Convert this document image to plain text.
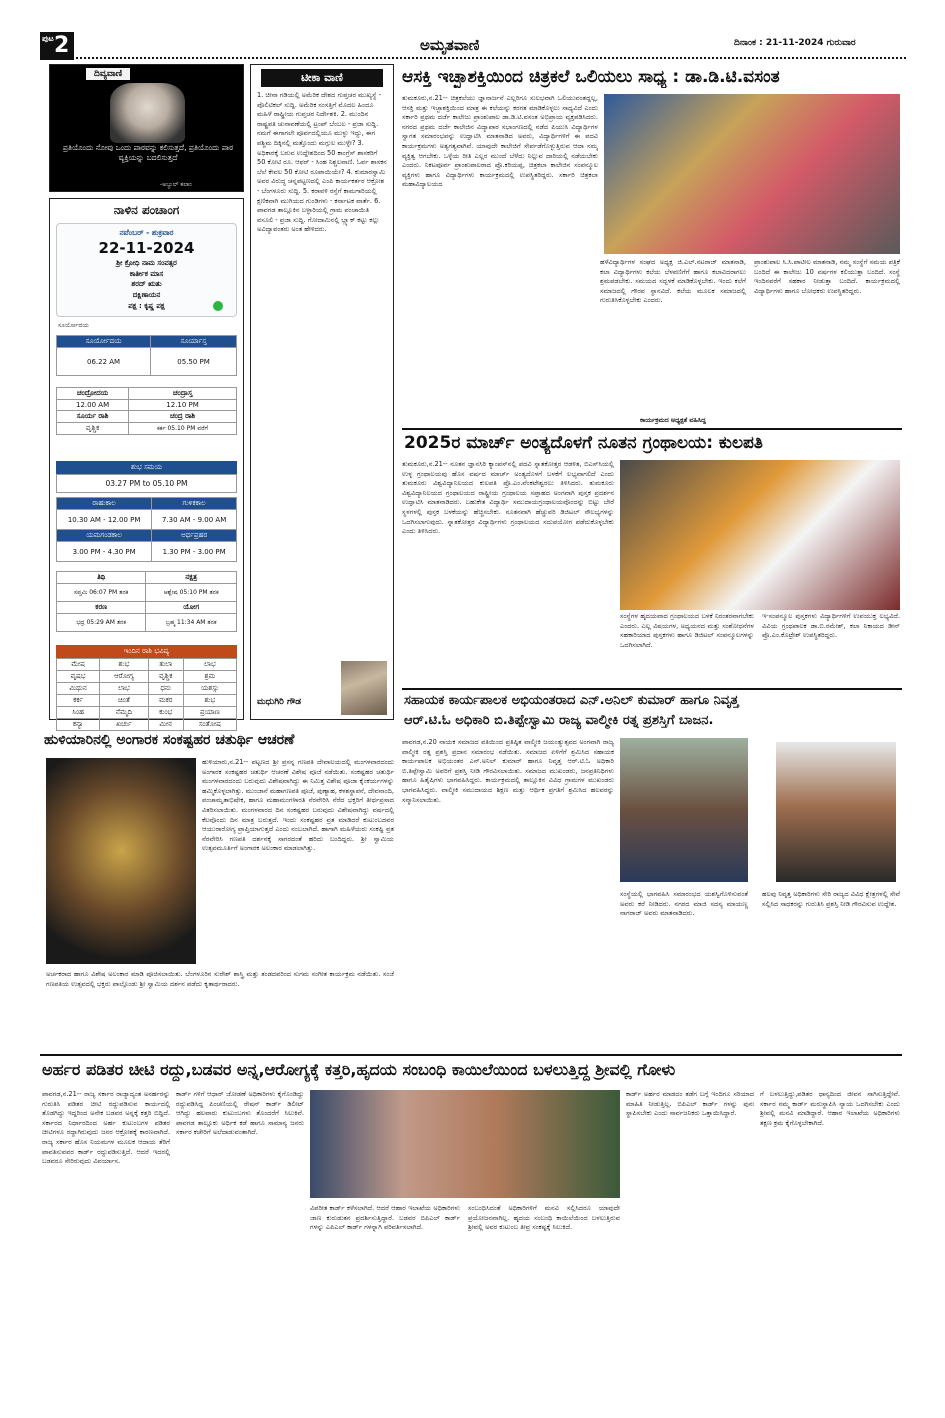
ಪುಟ 2	ಅಮೃತವಾಣಿ	ದಿನಾಂಕ : 21-11-2024 ಗುರುವಾರ
ದಿವ್ಯವಾಣಿ
ಪ್ರತಿಯೊಂದು ನೋವು ಒಂದು ಪಾಠವನ್ನು ಕಲಿಸುತ್ತದೆ, ಪ್ರತಿಯೊಂದು ಪಾಠ ವ್ಯಕ್ತಿಯನ್ನು ಬದಲಿಸುತ್ತದೆ
-ಅಬ್ದುಲ್ ಕಲಾಂ
ನಾಳಿನ ಪಂಚಾಂಗ
ನವೆಂಬರ್ - ಶುಕ್ರವಾರ
22-11-2024
ಶ್ರೀ ಕ್ರೋಧಿ ನಾಮ ಸಂವತ್ಸರ
ಕಾರ್ತೀಕ ಮಾಸ
ಶರದ್ ಋತು
ದಕ್ಷಿಣಾಯನ
ಪಕ್ಷ : ಕೃಷ್ಣ ಪಕ್ಷ
ಸೂರ್ಯೋದಯ
ಸೂರ್ಯೋದಯ	ಸೂರ್ಯಾಸ್ತ
06.22 AM	05.50 PM
ಚಂದ್ರೋದಯ	ಚಂದ್ರಾಸ್ತ
12.00 AM	12.10 PM
ಸೂರ್ಯ ರಾಶಿ	ಚಂದ್ರ ರಾಶಿ
ವೃಶ್ಚಿಕ	ಕರ್ಕ 05.10 PM ವರೆಗೆ
ಶುಭ ಸಮಯ
03.27 PM to 05.10 PM
ರಾಹುಕಾಲ	ಗುಳಿಕಕಾಲ
10.30 AM - 12.00 PM	7.30 AM - 9.00 AM
ಯಮಗಂಡಕಾಲ	ಅರ್ಧಪ್ರಹರ
3.00 PM - 4.30 PM	1.30 PM - 3.00 PM
ತಿಥಿ	ನಕ್ಷತ್ರ
ಸಪ್ತಮಿ 06:07 PM ತನಕ	ಆಶ್ಲೇಷ 05:10 PM ತನಕ
ಕರಣ	ಯೋಗ
ಭದ್ರ 05:29 AM ತನಕ	ಬ್ರಹ್ಮ 11:34 AM ತನಕ
ಇಂದಿನ ರಾಶಿ ಭವಿಷ್ಯ
ಮೇಷ	ಶುಭ	ತುಲಾ	ಲಾಭ
ವೃಷಭ	ಆರೋಗ್ಯ	ವೃಶ್ಚಿಕ	ಶ್ರಮ
ಮಿಥುನ	ಲಾಭ	ಧನು	ಯಶಸ್ಸು
ಕರ್ಕ	ಚಿಂತೆ	ಮಕರ	ಶುಭ
ಸಿಂಹ	ನೆಮ್ಮದಿ	ಕುಂಭ	ಪ್ರಯಾಣ
ಕನ್ಯಾ	ಖರ್ಚು	ಮೀನ	ಸಂತೋಷ
ಟೀಕಾ ವಾಣಿ
1. ಚೀನಾ ಗಡಿಯಲ್ಲಿ ಅಮೆರಿಕ ದೇಶದ ಗುಪ್ತಚರ ಮುಖ್ಯಸ್ಥೆ - ಪೊಲಿಟಿಕಲ್ ಸುದ್ದಿ. ಅಮೆರಿಕ ಸಂಸತ್ತಿಗೆ ಮೊದಲ ಹಿಂದೂ ಮಹಿಳೆ ರಾಷ್ಟ್ರೀಯ ಗುಪ್ತಚರ ನಿರ್ದೇಶಕಿ. 2. ಮುಂದಿನ ರಾಷ್ಟ್ರಪತಿ ಚುನಾವಣೆಯಲ್ಲಿ ಟ್ರಂಪ್ ಬೆಂಬಲ - ಪ್ರಜಾ ಸುದ್ದಿ. ನಮಗೆ ಈಗಾಗಲೇ ಪೂರ್ವದಲ್ಲಿಯೂ ಮುಳ್ಳು ಇದ್ದು, ಈಗ ಪಶ್ಚಿಮ ದಿಕ್ಕಿನಲ್ಲಿ ಮತ್ತೊಂದು ಮಗ್ಗುಲ ಮುಳ್ಳೇ? 3. ಅಧಿಕಾರಕ್ಕೆ ಬರುವ ಉದ್ದೇಶದಿಂದ 50 ಕಾಂಗ್ರೆಸ್ ಶಾಸಕರಿಗೆ 50 ಕೋಟಿ ರೂ. ಆಫರ್ - ಸಿಂಹ ನಿಶ್ಚಲವಾಣಿ. ಓರ್ವ ಶಾಸಕನ ಬೆಲೆ ಕೇವಲ 50 ಕೋಟಿ ರೂಪಾಯಿಯೇ? 4. ಕುಮಾರಸ್ವಾಮಿ ಅವರ ವಿರುದ್ಧ ಚನ್ನಪಟ್ಟಣದಲ್ಲಿ ಎಂಪಿ ಕಾರ್ಯಕರ್ತರ ಆಕ್ರೋಶ - ಬೆಂಗಳೂರು ಸುದ್ದಿ. 5. ಕರಾವಳಿ ರಸ್ತೆಗೆ ಕಾಮಗಾರಿಯಲ್ಲಿ ಕ್ಷಣಿಕವಾಗಿ ಮುಗಿಯದ ಗುಂಡಿಗಳು - ಕರ್ನಾಟಕ ವಾರ್ತೆ. 6. ಪಾವಗಡ ತಾಲ್ಲೂಕಿನ ಬಳ್ಳಾರಿಯಲ್ಲಿ ಗ್ರಾಮ ಪಂಚಾಯಿತಿ ವಸೂಲಿ - ಪ್ರಜಾ ಸುದ್ದಿ. ಗೋದಾಮಿನಲ್ಲಿ ಬ್ಲ್ಯಾಕ್ ಕಟ್ಟು ಕಲ್ಲು ಅವಿದ್ಯಾವಂತರು ಅಂತ ಹೇಳಿದರು.
ಮಧುಗಿರಿ ಗೌಡ
ಆಸಕ್ತಿ ಇಚ್ಛಾಶಕ್ತಿಯಿಂದ ಚಿತ್ರಕಲೆ ಒಲಿಯಲು ಸಾಧ್ಯ : ಡಾ.ಡಿ.ಟಿ.ವಸಂತ
ತುಮಕೂರು,ನ.21-- ಚಿತ್ರಕಲೆಯು ಜ್ಞಾನಾರ್ಜನೆ ಎಲ್ಲರಿಗೂ ಸುಲಭವಾಗಿ ಒಲಿಯುವಂತದ್ದಲ್ಲ, ಆಸಕ್ತಿ ಮತ್ತು ಇಚ್ಛಾಶಕ್ತಿಯಿಂದ ಮಾತ್ರ ಈ ಕಲೆಯನ್ನು ಕರಗತ ಮಾಡಿಕೊಳ್ಳಲು ಸಾಧ್ಯವಿದೆ ಎಂದು ಸರ್ಕಾರಿ ಪ್ರಥಮ ದರ್ಜೆ ಕಾಲೇಜು ಪ್ರಾಂಶುಪಾಲ ಡಾ.ಡಿ.ಟಿ.ವಸಂತ ಅಭಿಪ್ರಾಯ ವ್ಯಕ್ತಪಡಿಸಿದರು. ನಗರದ ಪ್ರಥಮ ದರ್ಜೆ ಕಾಲೇಜಿನ ವಿದ್ಯಾಪಾಠ ಸಭಾಂಗಣದಲ್ಲಿ ನಡೆದ ಪಿಯುಸಿ ವಿದ್ಯಾರ್ಥಿಗಳ ಸ್ವಾಗತ ಸಮಾರಂಭವನ್ನು ಉದ್ಘಾಟಿಸಿ ಮಾತನಾಡಿದ ಅವರು, ವಿದ್ಯಾರ್ಥಿಗಳಿಗೆ ಈ ಪದವಿ ಕಾರ್ಯಕ್ರಮಗಳು ಅತ್ಯಗತ್ಯವಾಗಿವೆ. ಯಾವುದೇ ಕಾಲೇಜಿಗೆ ಸೇರ್ಪಡೆಗೊಳ್ಳುತ್ತಿರುವ ಆದಾ ನಮ್ಮ ವ್ಯಕ್ತಿತ್ವ ಆಗಬೇಕು. ಒಳ್ಳೆಯ ರೀತಿ ಎಲ್ಲರ ಮುಂದೆ ಬೆಳೆದು ನಿಲ್ಲುವ ದಾರಿಯಲ್ಲಿ ನಡೆಯಬೇಕು ಎಂದರು. ನಿಕಟಪೂರ್ವ ಪ್ರಾಂಶುಪಾಲರಾದ ಪ್ರೊ.ಕರಿಯಪ್ಪ, ಚಿತ್ರಕಲಾ ಕಾಲೇಜಿನ ಸಂಪನ್ಮೂಲ ವ್ಯಕ್ತಿಗಳು ಹಾಗೂ ವಿದ್ಯಾರ್ಥಿಗಳು ಕಾರ್ಯಕ್ರಮದಲ್ಲಿ ಉಪಸ್ಥಿತರಿದ್ದರು. ಸರ್ಕಾರಿ ಚಿತ್ರಕಲಾ ಮಹಾವಿದ್ಯಾಲಯದ
ಹಳೆವಿದ್ಯಾರ್ಥಿಗಳ ಸಂಘದ ಅಧ್ಯಕ್ಷ ಜಿ.ಎಲ್.ನಟರಾಜ್ ಮಾತನಾಡಿ, ಕಲಾ ವಿದ್ಯಾರ್ಥಿಗಳು ಕಲೆಯ ಬೆಳವಣಿಗೆಗೆ ಹಾಗೂ ಕಲಾವಿದರಾಗಲು ಶ್ರಮಪಡಬೇಕು. ಸಮಯದ ಸದ್ಬಳಕೆ ಮಾಡಿಕೊಳ್ಳಬೇಕು. ಇಂದು ಕಲೆಗೆ ಸಮಾಜದಲ್ಲಿ ಗೌರವ ಸ್ಥಾನವಿದೆ. ಕಲೆಯ ಮೂಲಕ ಸಮಾಜದಲ್ಲಿ ಗುರುತಿಸಿಕೊಳ್ಳಬೇಕು ಎಂದರು.
ಪ್ರಾಂಶುಪಾಲ ಸಿ.ಸಿ.ಪಾಟೀಲ ಮಾತನಾಡಿ, ನಮ್ಮ ಸಂಸ್ಥೆಗೆ ಸಮಯ ಪತ್ರಿಕೆ ಬಂದಿದೆ ಈ ಕಾಲೇಜು 10 ವರ್ಷಗಳ ಕಲಿಯುತ್ತಾ ಬಂದಿದೆ. ಸಂಸ್ಥೆ ಇಂದಿನವರೆಗೆ ಸಹಕಾರ ನೀಡುತ್ತಾ ಬಂದಿದೆ. ಕಾರ್ಯಕ್ರಮದಲ್ಲಿ ವಿದ್ಯಾರ್ಥಿಗಳು ಹಾಗೂ ಬೋಧಕರು ಉಪಸ್ಥಿತರಿದ್ದರು.
ಕಾರ್ಯಕ್ರಮದ ಅಧ್ಯಕ್ಷತೆ ವಹಿಸಿದ್ದ
2025ರ ಮಾರ್ಚ್ ಅಂತ್ಯದೊಳಗೆ ನೂತನ ಗ್ರಂಥಾಲಯ: ಕುಲಪತಿ
ತುಮಕೂರು,ನ.21-- ನೂತನ ಜ್ಞಾನಸಿರಿ ಕ್ಯಾಂಪಸ್‌ನಲ್ಲಿ ಪದವಿ ಸ್ನಾತಕೋತ್ತರ ಆಡಳಿತ, ಬಿಎಸ್‌ಸಿಯಲ್ಲಿ ಉಳ್ಳ ಗ್ರಂಥಾಲಯವು ಹೊಸ ವರ್ಷದ ಮಾರ್ಚ್ ಅಂತ್ಯದೊಳಗೆ ಬಳಕೆಗೆ ಲಭ್ಯವಾಗಲಿದೆ ಎಂದು ತುಮಕೂರು ವಿಶ್ವವಿದ್ಯಾನಿಲಯದ ಕುಲಪತಿ ಪ್ರೊ.ಎಂ.ವೆಂಕಟೇಶ್ವರಲು ತಿಳಿಸಿದರು. ತುಮಕೂರು ವಿಶ್ವವಿದ್ಯಾನಿಲಯದ ಗ್ರಂಥಾಲಯದ ರಾಷ್ಟ್ರೀಯ ಗ್ರಂಥಾಲಯ ಸಪ್ತಾಹದ ಅಂಗವಾಗಿ ಪುಸ್ತಕ ಪ್ರದರ್ಶನ ಉದ್ಘಾಟಿಸಿ ಮಾತನಾಡಿದರು. ಬಹುಕೇತ ವಿದ್ಯಾರ್ಥಿ ಸಮುದಾಯಗ್ರಂಥಾಲಯವೊಂದನ್ನು ಬಿಟ್ಟು ಬೇರೆ ಸ್ಥಳಗಳಲ್ಲಿ ಪುಸ್ತಕ ಬಳಕೆಯನ್ನು ಹೆಚ್ಚಿಸಬೇಕು. ನೂತನವಾಗಿ ಹೆಚ್ಚುವರಿ ಡಿಜಿಟಲ್ ಸೌಲಭ್ಯಗಳನ್ನು ಒದಗಿಸಲಾಗುವುದು. ಸ್ನಾತಕೋತ್ತರ ವಿದ್ಯಾರ್ಥಿಗಳು ಗ್ರಂಥಾಲಯದ ಸದುಪಯೋಗ ಪಡೆದುಕೊಳ್ಳಬೇಕು ಎಂದು ತಿಳಿಸಿದರು.
ಸಂಸ್ಥೆಗಳ ಹೃದಯವಾದ ಗ್ರಂಥಾಲಯದ ಬಳಕೆ ನಿರಂತರವಾಗಬೇಕು ಎಂದರು. ಎಲ್ಲ ವಿಷಯಗಳ, ಅಧ್ಯಯನದ ಮತ್ತು ಸಂಶೋಧನೆಗಳ ಸಹಕಾರಿಯಾದ ಪುಸ್ತಕಗಳು ಹಾಗೂ ಡಿಜಿಟಲ್ ಸಂಪನ್ಮೂಲಗಳನ್ನು ಒದಗಿಸಲಾಗಿದೆ.
ಇ-ಸಂಪನ್ಮೂಲ ಪುಸ್ತಕಗಳು ವಿದ್ಯಾರ್ಥಿಗಳಿಗೆ ಉಪಯುಕ್ತ ಲಭ್ಯವಿದೆ. ವಿವಿಯ ಗ್ರಂಥಪಾಲಕ ಡಾ.ಬಿ.ರಮೇಶ್, ಕಲಾ ನಿಕಾಯದ ಡೀನ್ ಪ್ರೊ.ಎಂ.ಕೊಟ್ರೇಶ್ ಉಪಸ್ಥಿತರಿದ್ದರು.
ಸಹಾಯಕ ಕಾರ್ಯಪಾಲಕ ಅಭಿಯಂತರಾದ ಎನ್.ಅನಿಲ್ ಕುಮಾರ್ ಹಾಗೂ ನಿವೃತ್ತ
ಆರ್.ಟಿ.ಓ ಅಧಿಕಾರಿ ಬಿ.ತಿಪ್ಪೇಸ್ವಾಮಿ ರಾಜ್ಯ ವಾಲ್ಮೀಕಿ ರತ್ನ ಪ್ರಶಸ್ತಿಗೆ ಬಾಜನ.
ಪಾವಗಡ,ನ.20 ನಾಯಕ ಸಮಾಜದ ವತಿಯಿಂದ ಪ್ರತಿಷ್ಠಿತ ವಾಲ್ಮೀಕಿ ಜಯಂತ್ಯುತ್ಸವದ ಅಂಗವಾಗಿ ರಾಜ್ಯ ವಾಲ್ಮೀಕಿ ರತ್ನ ಪ್ರಶಸ್ತಿ ಪ್ರದಾನ ಸಮಾರಂಭ ನಡೆಯಿತು. ಸಮಾಜದ ಏಳಿಗೆಗೆ ಶ್ರಮಿಸಿದ ಸಹಾಯಕ ಕಾರ್ಯಪಾಲಕ ಅಭಿಯಂತರ ಎನ್.ಅನಿಲ್ ಕುಮಾರ್ ಹಾಗೂ ನಿವೃತ್ತ ಆರ್.ಟಿ.ಓ ಅಧಿಕಾರಿ ಬಿ.ತಿಪ್ಪೇಸ್ವಾಮಿ ಅವರಿಗೆ ಪ್ರಶಸ್ತಿ ನೀಡಿ ಗೌರವಿಸಲಾಯಿತು. ಸಮಾಜದ ಮುಖಂಡರು, ಜನಪ್ರತಿನಿಧಿಗಳು ಹಾಗೂ ಹಿತೈಷಿಗಳು ಭಾಗವಹಿಸಿದ್ದರು. ಕಾರ್ಯಕ್ರಮದಲ್ಲಿ ತಾಲ್ಲೂಕಿನ ವಿವಿಧ ಗ್ರಾಮಗಳ ಮುಖಂಡರು ಭಾಗವಹಿಸಿದ್ದರು. ವಾಲ್ಮೀಕಿ ಸಮುದಾಯದ ಶಿಕ್ಷಣ ಮತ್ತು ಆರ್ಥಿಕ ಪ್ರಗತಿಗೆ ಶ್ರಮಿಸಿದ ಹಲವರನ್ನು ಸನ್ಮಾನಿಸಲಾಯಿತು.
ಸಂಸ್ಥೆಯಲ್ಲಿ ಭಾಗವಹಿಸಿ ಸಮಾರಂಭದ ಯಶಸ್ವಿಗೊಳಿಸುವಂತೆ ಅವರು ಕರೆ ನೀಡಿದರು. ನಗರದ ಮಾಜಿ ಸದಸ್ಯ ಮಾಯಣ್ಣ ನಾಗರಾಜ್ ಅವರು ಮಾತನಾಡಿದರು.
ಹಲವು ನಿವೃತ್ತ ಅಧಿಕಾರಿಗಳು ಸೇರಿ ರಾಜ್ಯದ ವಿವಿಧ ಕ್ಷೇತ್ರಗಳಲ್ಲಿ ಸೇವೆ ಸಲ್ಲಿಸಿದ ಸಾಧಕರನ್ನು ಗುರುತಿಸಿ ಪ್ರಶಸ್ತಿ ನೀಡಿ ಗೌರವಿಸುವ ಉದ್ದೇಶ.
ಹುಳಿಯಾರಿನಲ್ಲಿ ಅಂಗಾರಕ ಸಂಕಷ್ಟಹರ ಚತುರ್ಥಿ ಆಚರಣೆ
ಹುಳಿಯಾರು,ನ.21-- ಪಟ್ಟಣದ ಶ್ರೀ ಪ್ರಸನ್ನ ಗಣಪತಿ ದೇವಾಲಯದಲ್ಲಿ ಮಂಗಳವಾರದಂದು ಅಂಗಾರಕ ಸಂಕಷ್ಟಹರ ಚತುರ್ಥಿ ಆಚರಣೆ ವಿಶೇಷ ಪೂಜೆ ನಡೆಯಿತು. ಸಂಕಷ್ಟಹರ ಚತುರ್ಥಿ ಮಂಗಳವಾರದಂದು ಬರುವುದು ವಿಶೇಷವಾಗಿದ್ದು ಈ ನಿಮಿತ್ತ ವಿಶೇಷ ಪೂಜಾ ಕೈಂಕರ್ಯಗಳನ್ನು ಹಮ್ಮಿಕೊಳ್ಳಲಾಗಿತ್ತು. ಮುಂಜಾನೆ ಮಹಾಗಣಪತಿ ಪೂಜೆ, ಪುಣ್ಯಾಹ, ಕಳಶಸ್ಥಾಪನೆ, ದೇವನಾಂದಿ, ಪಂಚಾಮೃತಾಭಿಷೇಕ, ಹಾಗೂ ಮಹಾಮಂಗಳಾರತಿ ನೆರವೇರಿಸಿ ನೆರೆದ ಭಕ್ತರಿಗೆ ತೀರ್ಥಪ್ರಸಾದ ವಿತರಿಸಲಾಯಿತು. ಮಂಗಳವಾರದ ದಿನ ಸಂಕಷ್ಟಹರ ಬರುವುದು ವಿಶೇಷವಾಗಿದ್ದು ವರ್ಷದಲ್ಲಿ ಕೆಲವೊಂದು ದಿನ ಮಾತ್ರ ಬರುತ್ತದೆ. ಇಂದು ಸಂಕಷ್ಟಹರ ವ್ರತ ಮಾಡಿದರೆ ಕುಟುಂಬದವರ ಆಯುರಾರೋಗ್ಯ ಪ್ರಾಪ್ತಿಯಾಗುತ್ತದೆ ಎಂದು ನಂಬಲಾಗಿದೆ. ಹಾಗಾಗಿ ಮಹಿಳೆಯರು ಸಂಕಷ್ಟಿ ವ್ರತ ನೆರವೇರಿಸಿ ಗಣಪತಿ ದರ್ಶನಕ್ಕೆ ಸಾಗರದಂತೆ ಹರಿದು ಬಂದಿದ್ದರು. ಶ್ರೀ ಸ್ವಾಮಿಯ ಉತ್ಸವಮೂರ್ತಿಗೆ ಅಂಗಾರಕ ಅಲಂಕಾರ ಮಾಡಲಾಗಿತ್ತು.
ಅರ್ಚಕರಾದ ಹಾಗೂ ವಿಶೇಷ ಅಲಂಕಾರ ಮಾಡಿ ಪೂಜಿಸಲಾಯಿತು. ಬೆಂಗಳೂರಿನ ಸುರೇಶ್ ಶಾಸ್ತ್ರಿ ಮತ್ತು ತಂಡದವರಿಂದ ಸುಗಮ ಸಂಗೀತ ಕಾರ್ಯಕ್ರಮ ನಡೆಯಿತು. ಸಂಜೆ ಗಣಪತಿಯ ಉತ್ಸವದಲ್ಲಿ ಭಕ್ತರು ಪಾಲ್ಗೊಂಡು ಶ್ರೀ ಸ್ವಾಮಿಯ ದರ್ಶನ ಪಡೆದು ಕೃತಾರ್ಥರಾದರು.
ಅರ್ಹರ ಪಡಿತರ ಚೀಟಿ ರದ್ದು,ಬಡವರ ಅನ್ನ,ಆರೋಗ್ಯಕ್ಕೆ ಕತ್ತರಿ,ಹೃದಯ ಸಂಬಂಧಿ ಕಾಯಿಲೆಯಿಂದ ಬಳಲುತ್ತಿದ್ದ ಶ್ರೀವಲ್ಲಿ ಗೋಳು
ಪಾವಗಡ,ನ.21-- ರಾಜ್ಯ ಸರ್ಕಾರ ರಾಜ್ಯಾದ್ಯಂತ ಅನರ್ಹರನ್ನು ಗುರುತಿಸಿ ಪಡಿತರ ಚೀಟಿ ರದ್ದುಪಡಿಸುವ ಕಾರ್ಯದಲ್ಲಿ ತೊಡಗಿದ್ದು ಇದ್ದರಿಂದ ಅನೇಕ ಬಡವರ ಅನ್ನಕ್ಕೆ ಕತ್ತರಿ ಬಿದ್ದಿದೆ. ಸರ್ಕಾರದ ನಿರ್ಧಾರದಿಂದ ಅರ್ಹ ಕುಟುಂಬಗಳ ಪಡಿತರ ಚೀಟಿಗಳೂ ರದ್ದಾಗಿರುವುದು ಜನರ ಆಕ್ರೋಶಕ್ಕೆ ಕಾರಣವಾಗಿದೆ. ರಾಜ್ಯ ಸರ್ಕಾರ ಹೊಸ ನಿಯಮಗಳ ಮೂಲಕ ಆದಾಯ ತೆರಿಗೆ ಪಾವತಿಸುವವರ ಕಾರ್ಡ್ ರದ್ದುಪಡಿಸುತ್ತಿದೆ. ಆದರೆ ಇದರಲ್ಲಿ ಬಡವರೂ ಸೇರಿರುವುದು ವಿಪರ್ಯಾಸ.
ಕಾರ್ಡ್ ಗಳಿಗೆ ಆಧಾರ್ ಜೋಡಣೆ ಅಧಿಕಾರಿಗಳು ಕೈಗೊಂಡಿದ್ದು ರದ್ದುಪಡಿಸಿದ್ದ ಪಿಂಚಣಿಯಲ್ಲಿ ರೇಷನ್ ಕಾರ್ಡ್ ಡಿಲೀಟ್ ಆಗಿದ್ದು ಹಲವಾರು ಕುಟುಂಬಗಳು ತೊಂದರೆಗೆ ಸಿಲುಕಿವೆ. ಪಾವಗಡ ತಾಲ್ಲೂಕು ಅರ್ಧಿಕ ಕಡೆ ಹಾಗೂ ಸಾಮಾನ್ಯ ಜನರು ಸರ್ಕಾರ ಕಚೇರಿಗೆ ಅಲೆದಾಡುವಂತಾಗಿದೆ.
ವಿಪರೀತ ಕಾರ್ಡ್ ಕಳೆಸಲಾಗಿದೆ. ಆದರೆ ಆಹಾರ ಇಲಾಖೆಯ ಅಧಿಕಾರಿಗಳು ಜಾಣ ಕುರುಡುತನ ಪ್ರದರ್ಶಿಸುತ್ತಿದ್ದಾರೆ. ಬಡವರ ಬಿಪಿಎಲ್ ಕಾರ್ಡ್ ಗಳನ್ನು ಎಪಿಎಲ್ ಕಾರ್ಡ್ ಗಳನ್ನಾಗಿ ಪರಿವರ್ತಿಸಲಾಗಿದೆ.
ಸಂಬಂಧಿಸಿದಂತೆ ಅಧಿಕಾರಿಗಳಿಗೆ ಮನವಿ ಸಲ್ಲಿಸಿದರೂ ಯಾವುದೇ ಪ್ರಯೋಜನವಾಗಿಲ್ಲ. ಹೃದಯ ಸಂಬಂಧಿ ಕಾಯಿಲೆಯಿಂದ ಬಳಲುತ್ತಿರುವ ಶ್ರೀವಲ್ಲಿ ಅವರ ಕುಟುಂಬ ತೀವ್ರ ಸಂಕಷ್ಟಕ್ಕೆ ಸಿಲುಕಿದೆ.
ಕಾರ್ಡ್ ಅರ್ಹರ ಮಾಡದಂ ತಡೆಗ ಬಗ್ಗೆ ಇಂದಿಗೂ ಸರಿಯಾದ ಮಾಹಿತಿ ನೀಡುತ್ತಿಲ್ಲ. ಬಿಪಿಎಲ್ ಕಾರ್ಡ್ ಗಳನ್ನು ಪುನಃ ಸ್ಥಾಪಿಸಬೇಕು ಎಂದು ಸಾರ್ವಜನಿಕರು ಒತ್ತಾಯಿಸಿದ್ದಾರೆ.
ಗೆ ಬಳಲುತ್ತಿದ್ದು,ಪಡಿತರ ಧಾನ್ಯದಿಂದ ಜೀವನ ಸಾಗಿಸುತ್ತಿದ್ದೇವೆ. ಸರ್ಕಾರ ನಮ್ಮ ಕಾರ್ಡ್ ಮರುಸ್ಥಾಪಿಸಿ ನ್ಯಾಯ ಒದಗಿಸಬೇಕು ಎಂದು ಶ್ರೀವಲ್ಲಿ ಮನವಿ ಮಾಡಿದ್ದಾರೆ. ಆಹಾರ ಇಲಾಖೆಯ ಅಧಿಕಾರಿಗಳು ತಕ್ಷಣ ಕ್ರಮ ಕೈಗೊಳ್ಳಬೇಕಾಗಿದೆ.
